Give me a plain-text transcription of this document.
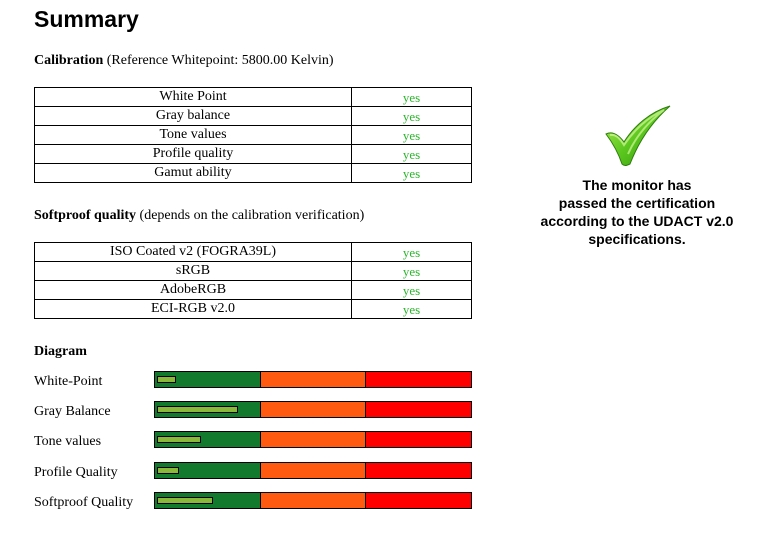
Summary
Calibration (Reference Whitepoint: 5800.00 Kelvin)
White Point	yes
Gray balance	yes
Tone values	yes
Profile quality	yes
Gamut ability	yes
Softproof quality (depends on the calibration verification)
ISO Coated v2 (FOGRA39L)	yes
sRGB	yes
AdobeRGB	yes
ECI-RGB v2.0	yes
Diagram
White-Point
Gray Balance
Tone values
Profile Quality
Softproof Quality
The monitor has
passed the certification
according to the UDACT v2.0
specifications.
